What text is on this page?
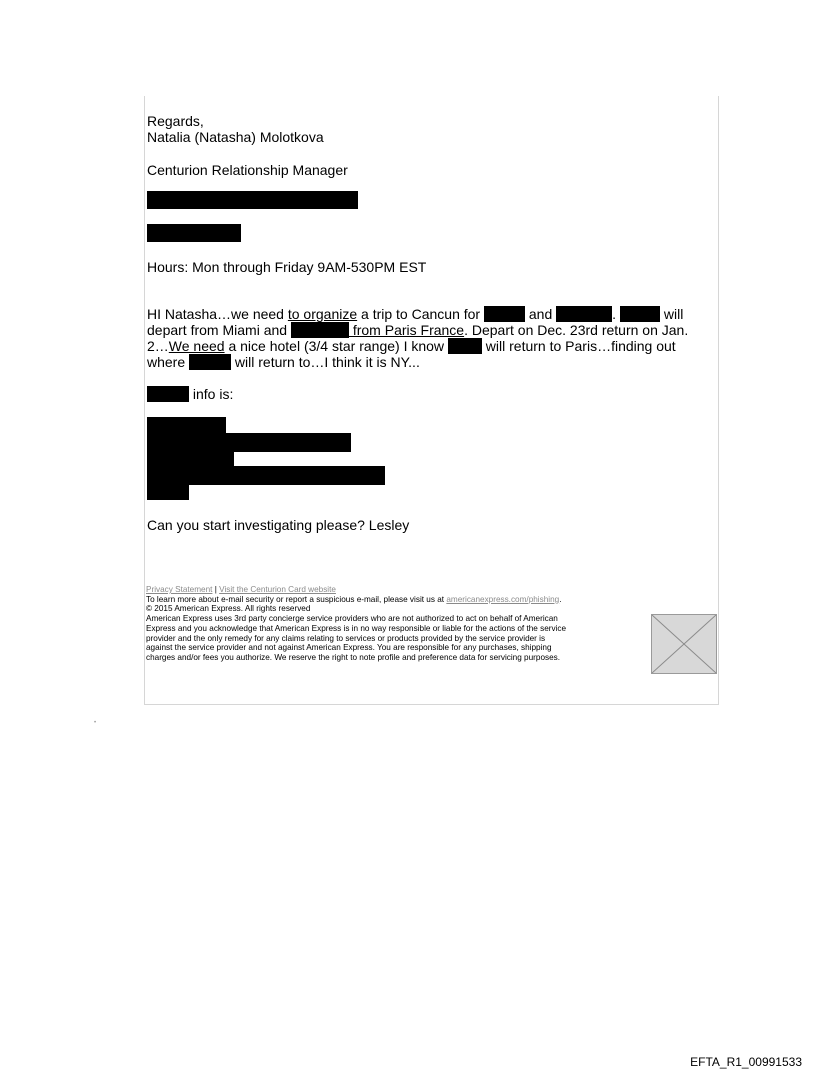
Regards,
Natalia (Natasha) Molotkova
Centurion Relationship Manager
Hours: Mon through Friday 9AM-530PM EST
HI Natasha…we need to organize a trip to Cancun for	and	.	will
depart from Miami and	from Paris France. Depart on Dec. 23rd return on Jan.
2…We need a nice hotel (3/4 star range) I know  will return to Paris…finding out
where	will return to…I think it is NY...
info is:
Can you start investigating please? Lesley
Privacy Statement | Visit the Centurion Card website
To learn more about e-mail security or report a suspicious e-mail, please visit us at americanexpress.com/phishing.
© 2015 American Express. All rights reserved
American Express uses 3rd party concierge service providers who are not authorized to act on behalf of American
Express and you acknowledge that American Express is in no way responsible or liable for the actions of the service
provider and the only remedy for any claims relating to services or products provided by the service provider is
against the service provider and not against American Express. You are responsible for any purchases, shipping
charges and/or fees you authorize. We reserve the right to note profile and preference data for servicing purposes.
•
EFTA_R1_00991533
